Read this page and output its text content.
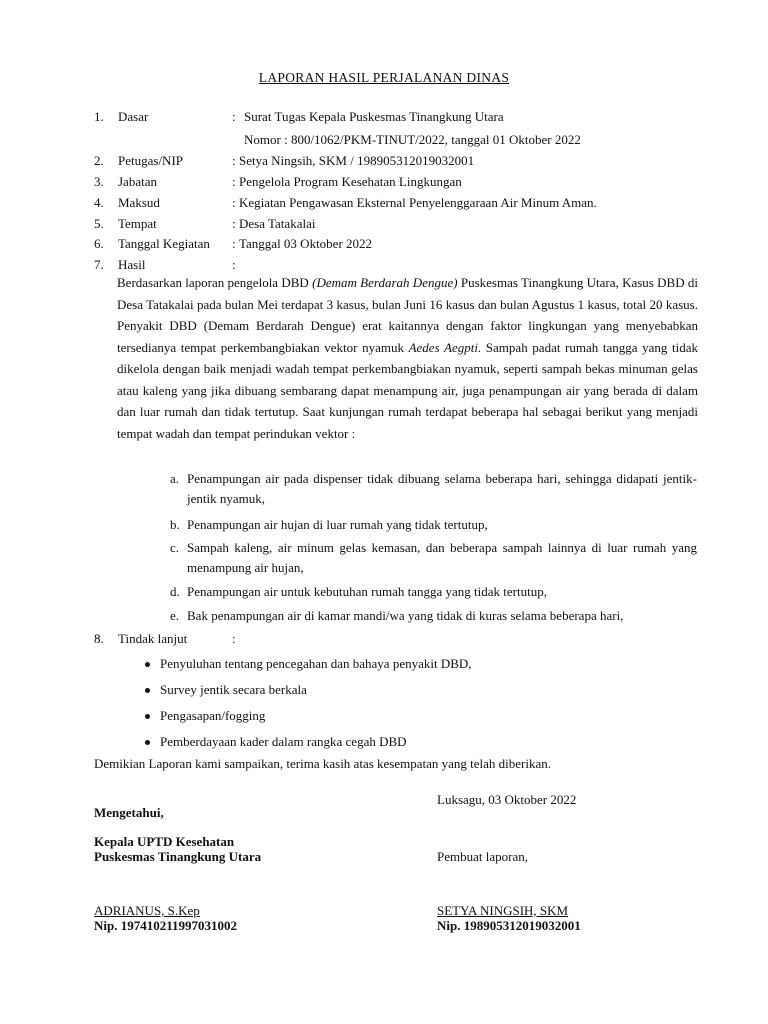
LAPORAN HASIL PERJALANAN DINAS
1. Dasar	: Surat Tugas Kepala Puskesmas Tinangkung Utara
Nomor : 800/1062/PKM-TINUT/2022, tanggal 01 Oktober 2022
2. Petugas/NIP	: Setya Ningsih, SKM / 198905312019032001
3. Jabatan	: Pengelola Program Kesehatan Lingkungan
4. Maksud	: Kegiatan Pengawasan Eksternal Penyelenggaraan Air Minum Aman.
5. Tempat	: Desa Tatakalai
6. Tanggal Kegiatan : Tanggal 03 Oktober 2022
7. Hasil	:

Berdasarkan laporan pengelola DBD (Demam Berdarah Dengue) Puskesmas Tinangkung Utara, Kasus DBD di Desa Tatakalai pada bulan Mei terdapat 3 kasus, bulan Juni 16 kasus dan bulan Agustus 1 kasus, total 20 kasus. Penyakit DBD (Demam Berdarah Dengue) erat kaitannya dengan faktor lingkungan yang menyebabkan tersedianya tempat perkembangbiakan vektor nyamuk Aedes Aegpti. Sampah padat rumah tangga yang tidak dikelola dengan baik menjadi wadah tempat perkembangbiakan nyamuk, seperti sampah bekas minuman gelas atau kaleng yang jika dibuang sembarang dapat menampung air, juga penampungan air yang berada di dalam dan luar rumah dan tidak tertutup. Saat kunjungan rumah terdapat beberapa hal sebagai berikut yang menjadi tempat wadah dan tempat perindukan vektor :

a. Penampungan air pada dispenser tidak dibuang selama beberapa hari, sehingga didapati jentik-jentik nyamuk,
b. Penampungan air hujan di luar rumah yang tidak tertutup,
c. Sampah kaleng, air minum gelas kemasan, dan beberapa sampah lainnya di luar rumah yang menampung air hujan,
d. Penampungan air untuk kebutuhan rumah tangga yang tidak tertutup,
e. Bak penampungan air di kamar mandi/wa yang tidak di kuras selama beberapa hari,
8. Tindak lanjut	:
Penyuluhan tentang pencegahan dan bahaya penyakit DBD,
Survey jentik secara berkala
Pengasapan/fogging
Pemberdayaan kader dalam rangka cegah DBD
Demikian Laporan kami sampaikan, terima kasih atas kesempatan yang telah diberikan.
Luksagu, 03 Oktober 2022
Mengetahui,
Kepala UPTD Kesehatan
Puskesmas Tinangkung Utara	Pembuat laporan,
ADRIANUS, S.Kep
Nip. 197410211997031002
SETYA NINGSIH, SKM
Nip. 198905312019032001
